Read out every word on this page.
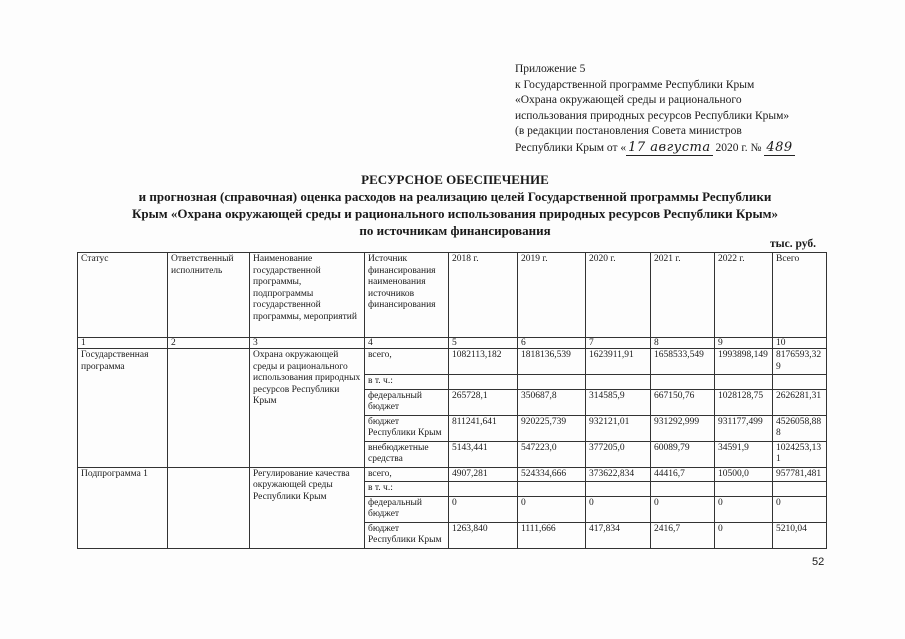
Приложение 5
к Государственной программе Республики Крым
«Охрана окружающей среды и рационального
использования природных ресурсов Республики Крым»
(в редакции постановления Совета министров
Республики Крым от « 17 августа 2020 г. № 489
РЕСУРСНОЕ ОБЕСПЕЧЕНИЕ
и прогнозная (справочная) оценка расходов на реализацию целей Государственной программы Республики
Крым «Охрана окружающей среды и рационального использования природных ресурсов Республики Крым»
по источникам финансирования
тыс. руб.
Статус	Ответственный исполнитель	Наименование государственной программы, подпрограммы государственной программы, мероприятий	Источник финансирования наименования источников финансирования	2018 г.	2019 г.	2020 г.	2021 г.	2022 г.	Всего
1	2	3	4	5	6	7	8	9	10
Государственная программа		Охрана окружающей среды и рационального использования природных ресурсов Республики Крым	всего,	1082113,182	1818136,539	1623911,91	1658533,549	1993898,149	8176593,329
			в т. ч.:						
			федеральный бюджет	265728,1	350687,8	314585,9	667150,76	1028128,75	2626281,31
			бюджет Республики Крым	811241,641	920225,739	932121,01	931292,999	931177,499	4526058,888
			внебюджетные средства	5143,441	547223,0	377205,0	60089,79	34591,9	1024253,131
Подпрограмма 1		Регулирование качества окружающей среды Республики Крым	всего,	4907,281	524334,666	373622,834	44416,7	10500,0	957781,481
			в т. ч.:						
			федеральный бюджет	0	0	0	0	0	0
			бюджет Республики Крым	1263,840	1111,666	417,834	2416,7	0	5210,04
52
